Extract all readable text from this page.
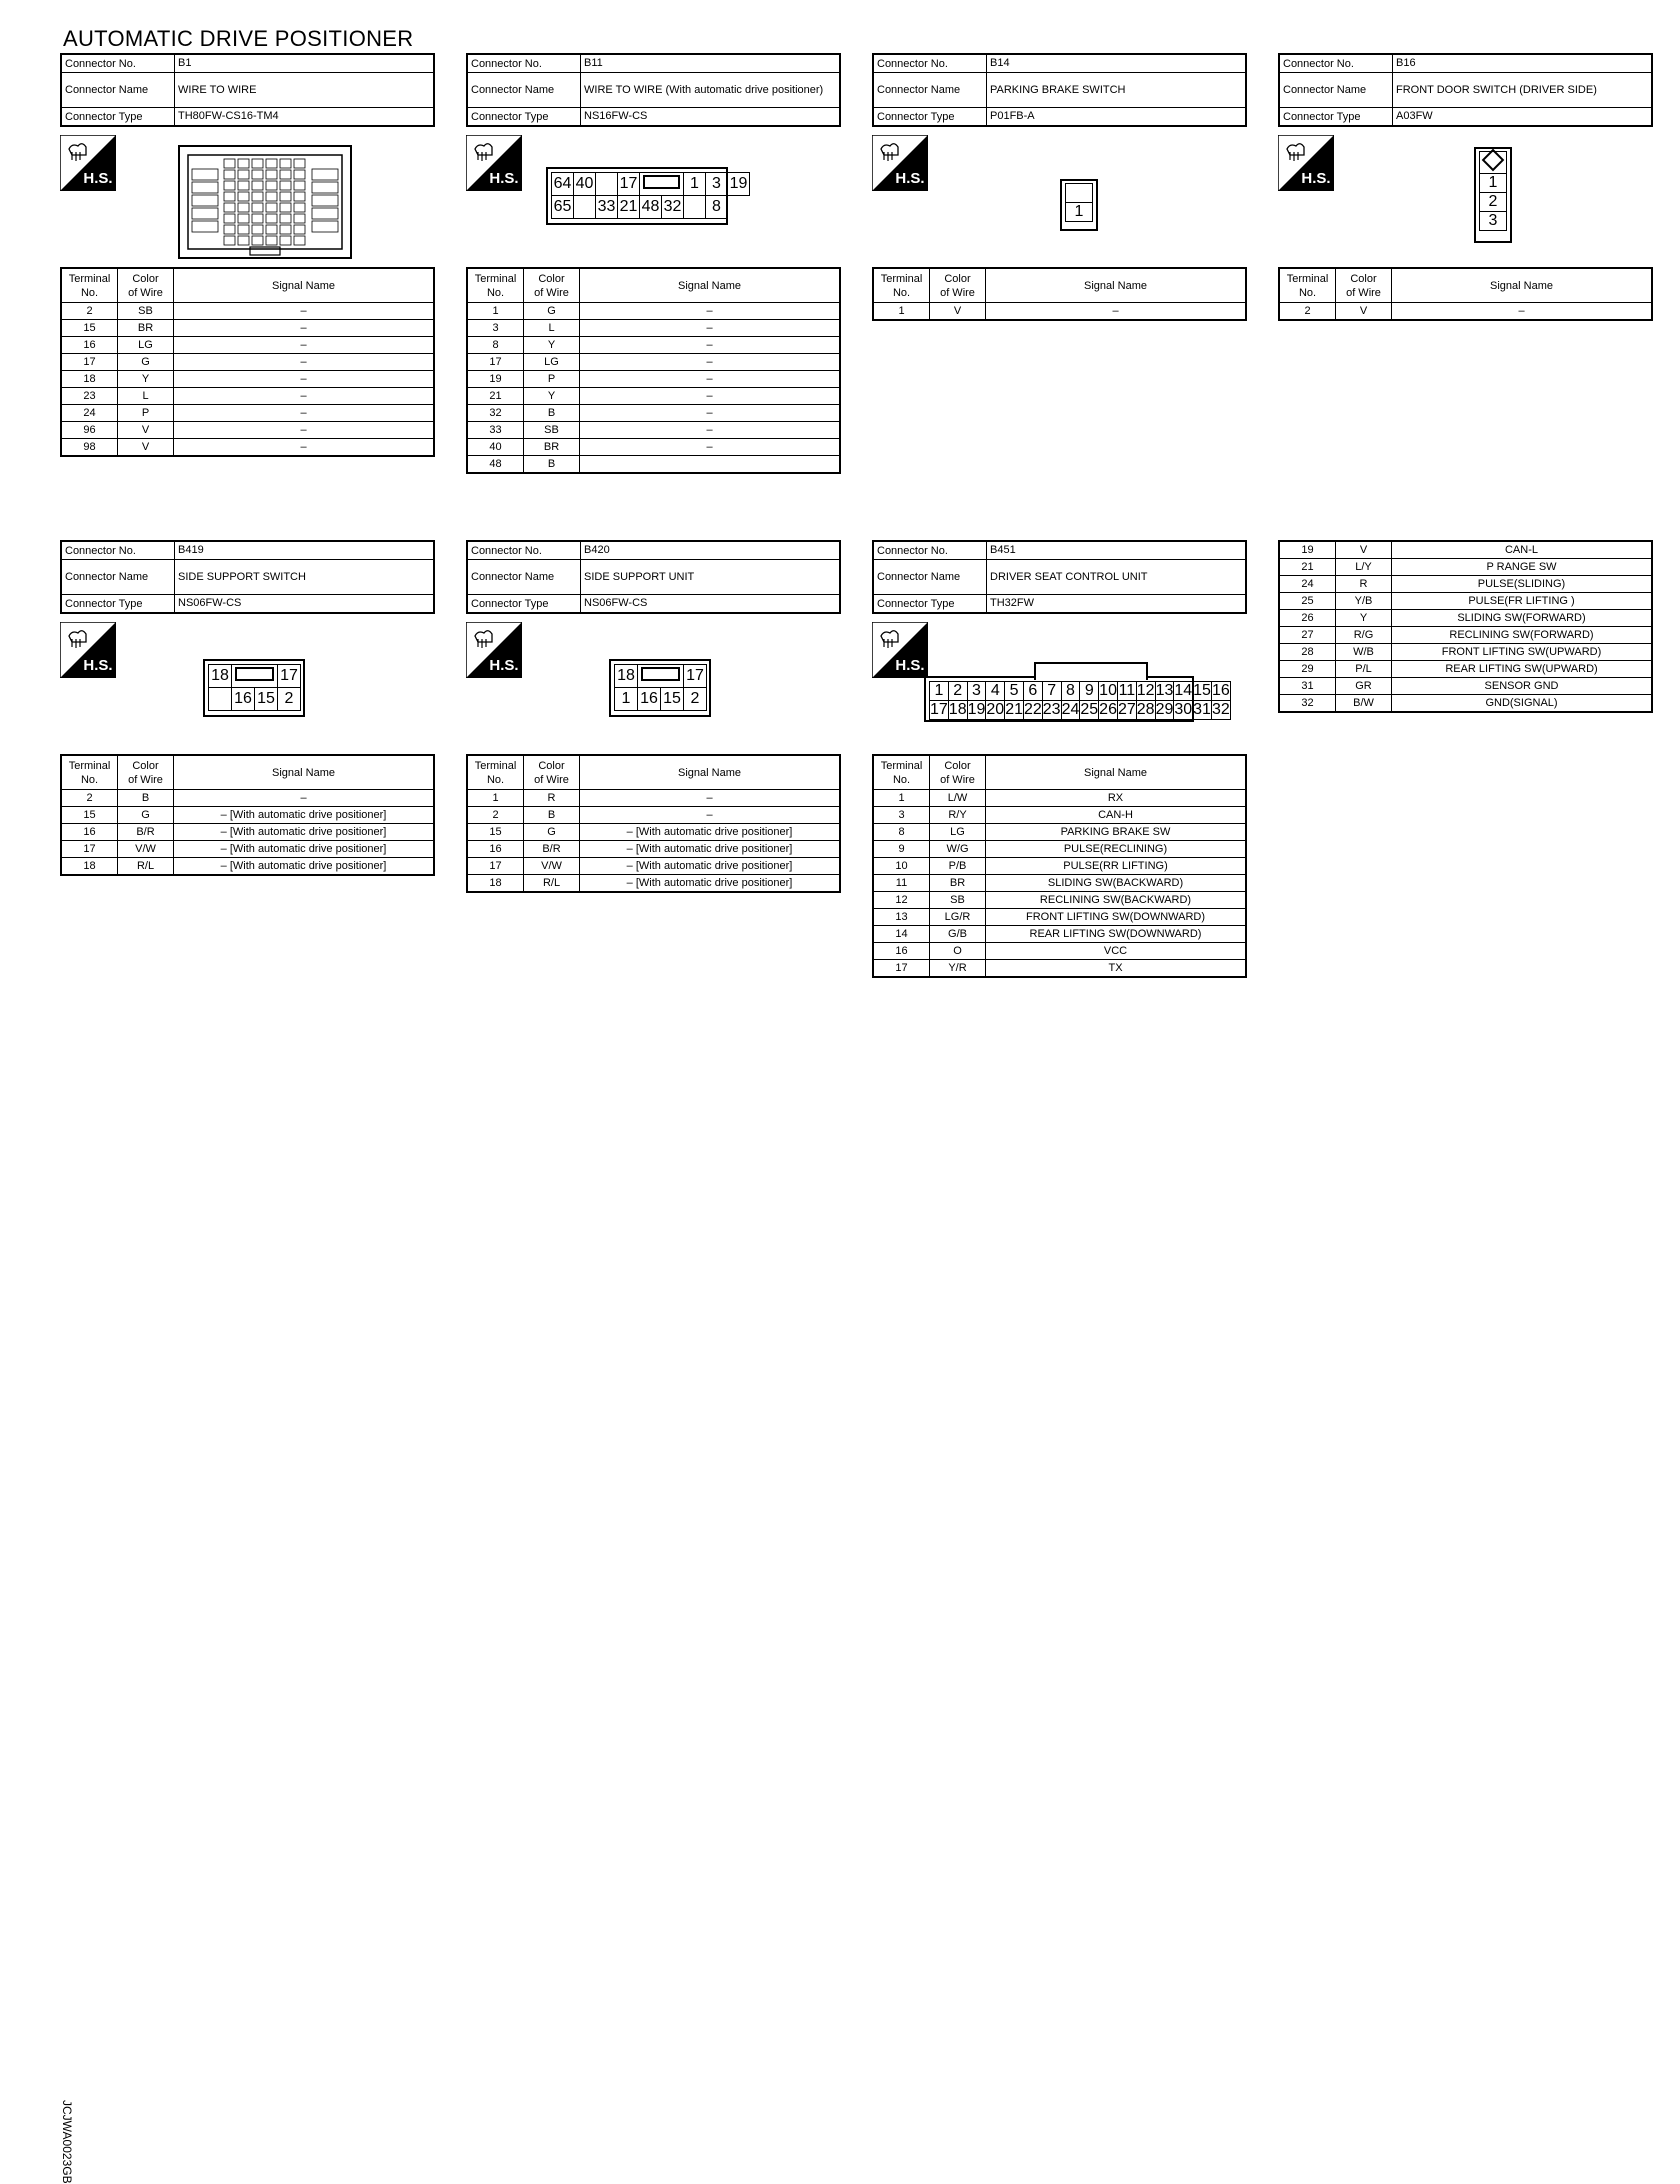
AUTOMATIC DRIVE POSITIONER
JCJWA0023GB
Connector No.	B1
Connector Name	WIRE TO WIRE
Connector Type	TH80FW-CS16-TM4
H.S.
Terminal
No.	Color
of Wire	Signal Name
2	SB	–
15	BR	–
16	LG	–
17	G	–
18	Y	–
23	L	–
24	P	–
96	V	–
98	V	–
Connector No.	B11
Connector Name	WIRE TO WIRE (With automatic drive positioner)
Connector Type	NS16FW-CS
H.S. 64	40		17			1	3	19
65		33	21	48	32		8	
Terminal
No.	Color
of Wire	Signal Name
1	G	–
3	L	–
8	Y	–
17	LG	–
19	P	–
21	Y	–
32	B	–
33	SB	–
40	BR	–
48	B	
Connector No.	B14
Connector Name	PARKING BRAKE SWITCH
Connector Type	P01FB-A
H.S.

1
Terminal
No.	Color
of Wire	Signal Name
1	V	–
Connector No.	B16
Connector Name	FRONT DOOR SWITCH (DRIVER SIDE)
Connector Type	A03FW
H.S.	1
2
3
Terminal
No.	Color
of Wire	Signal Name
2	V	–
Connector No.	B419
Connector Name	SIDE SUPPORT SWITCH
Connector Type	NS06FW-CS
H.S.
18			17
	16	15	2
Terminal
No.	Color
of Wire	Signal Name
2	B	–
15	G	– [With automatic drive positioner]
16	B/R	– [With automatic drive positioner]
17	V/W	– [With automatic drive positioner]
18	R/L	– [With automatic drive positioner]
Connector No.	B420
Connector Name	SIDE SUPPORT UNIT
Connector Type	NS06FW-CS
H.S.
18			17
1	16	15	2
Terminal
No.	Color
of Wire	Signal Name
1	R	–
2	B	–
15	G	– [With automatic drive positioner]
16	B/R	– [With automatic drive positioner]
17	V/W	– [With automatic drive positioner]
18	R/L	– [With automatic drive positioner]
Connector No.	B451
Connector Name	DRIVER SEAT CONTROL UNIT
Connector Type	TH32FW
H.S.
1	2	3	4	5	6	7	8	9	10	11	12	13	14	15	16
17	18	19	20	21	22	23	24	25	26	27	28	29	30	31	32
Terminal
No.	Color
of Wire	Signal Name
1	L/W	RX
3	R/Y	CAN-H
8	LG	PARKING BRAKE SW
9	W/G	PULSE(RECLINING)
10	P/B	PULSE(RR LIFTING)
11	BR	SLIDING SW(BACKWARD)
12	SB	RECLINING SW(BACKWARD)
13	LG/R	FRONT LIFTING SW(DOWNWARD)
14	G/B	REAR LIFTING SW(DOWNWARD)
16	O	VCC
17	Y/R	TX
19	V	CAN-L
21	L/Y	P RANGE SW
24	R	PULSE(SLIDING)
25	Y/B	PULSE(FR LIFTING )
26	Y	SLIDING SW(FORWARD)
27	R/G	RECLINING SW(FORWARD)
28	W/B	FRONT LIFTING SW(UPWARD)
29	P/L	REAR LIFTING SW(UPWARD)
31	GR	SENSOR GND
32	B/W	GND(SIGNAL)
